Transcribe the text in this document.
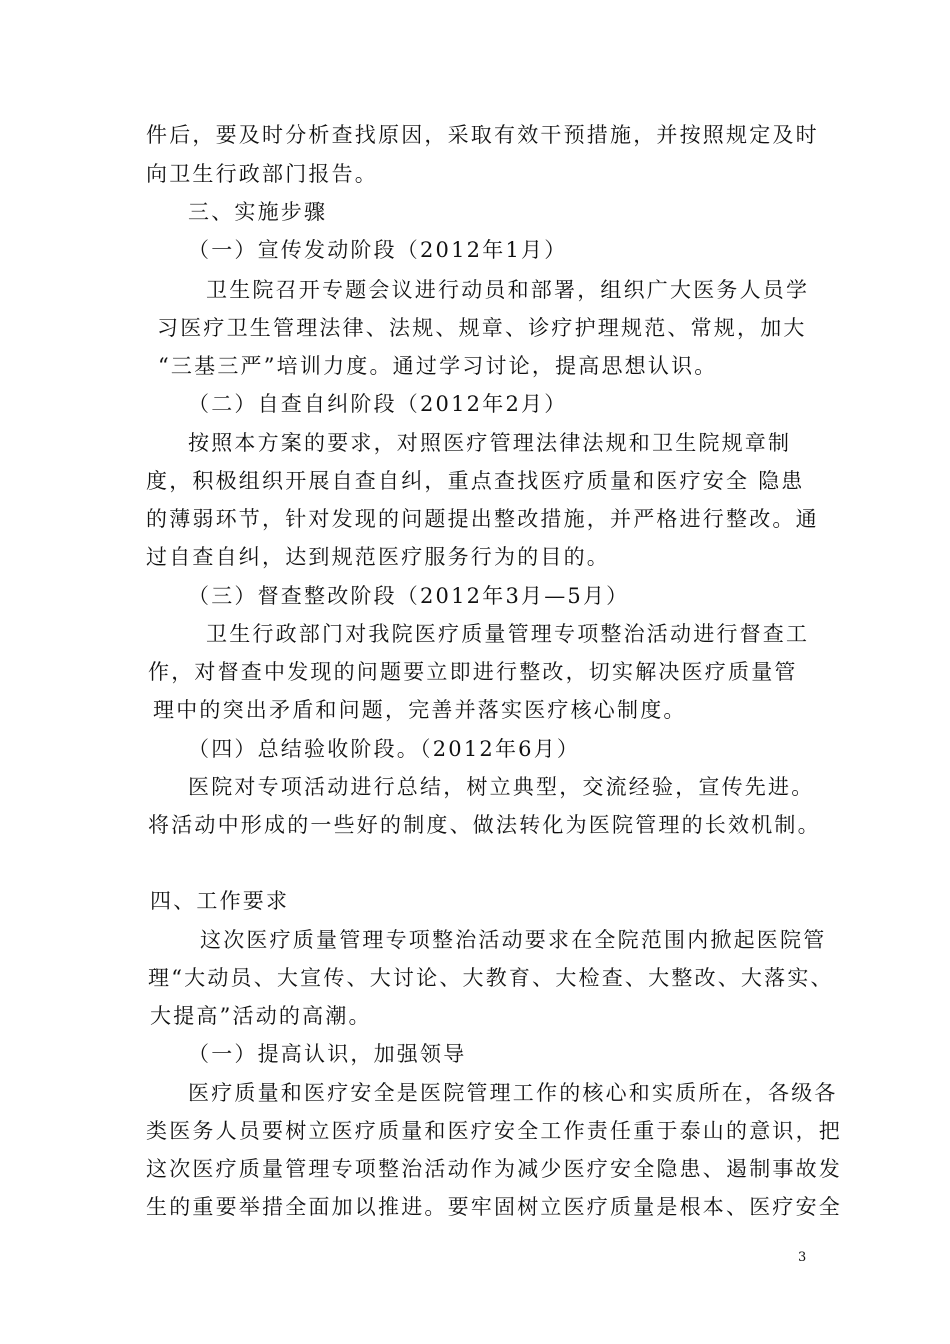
件后，要及时分析查找原因，采取有效干预措施，并按照规定及时

向卫生行政部门报告。

三、实施步骤

（一）宣传发动阶段（2012年1月）

卫生院召开专题会议进行动员和部署，组织广大医务人员学

习医疗卫生管理法律、法规、规章、诊疗护理规范、常规，加大

“三基三严”培训力度。通过学习讨论，提高思想认识。

（二）自查自纠阶段（2012年2月）

按照本方案的要求，对照医疗管理法律法规和卫生院规章制

度，积极组织开展自查自纠，重点查找医疗质量和医疗安全 隐患

的薄弱环节，针对发现的问题提出整改措施，并严格进行整改。通

过自查自纠，达到规范医疗服务行为的目的。

（三）督查整改阶段（2012年3月—5月）

卫生行政部门对我院医疗质量管理专项整治活动进行督查工

作，对督查中发现的问题要立即进行整改，切实解决医疗质量管

理中的突出矛盾和问题，完善并落实医疗核心制度。

（四）总结验收阶段。（2012年6月）

医院对专项活动进行总结，树立典型，交流经验，宣传先进。

将活动中形成的一些好的制度、做法转化为医院管理的长效机制。

四、工作要求

这次医疗质量管理专项整治活动要求在全院范围内掀起医院管

理“大动员、大宣传、大讨论、大教育、大检查、大整改、大落实、

大提高”活动的高潮。

（一）提高认识，加强领导

医疗质量和医疗安全是医院管理工作的核心和实质所在，各级各

类医务人员要树立医疗质量和医疗安全工作责任重于泰山的意识，把

这次医疗质量管理专项整治活动作为减少医疗安全隐患、遏制事故发

生的重要举措全面加以推进。要牢固树立医疗质量是根本、医疗安全

3
